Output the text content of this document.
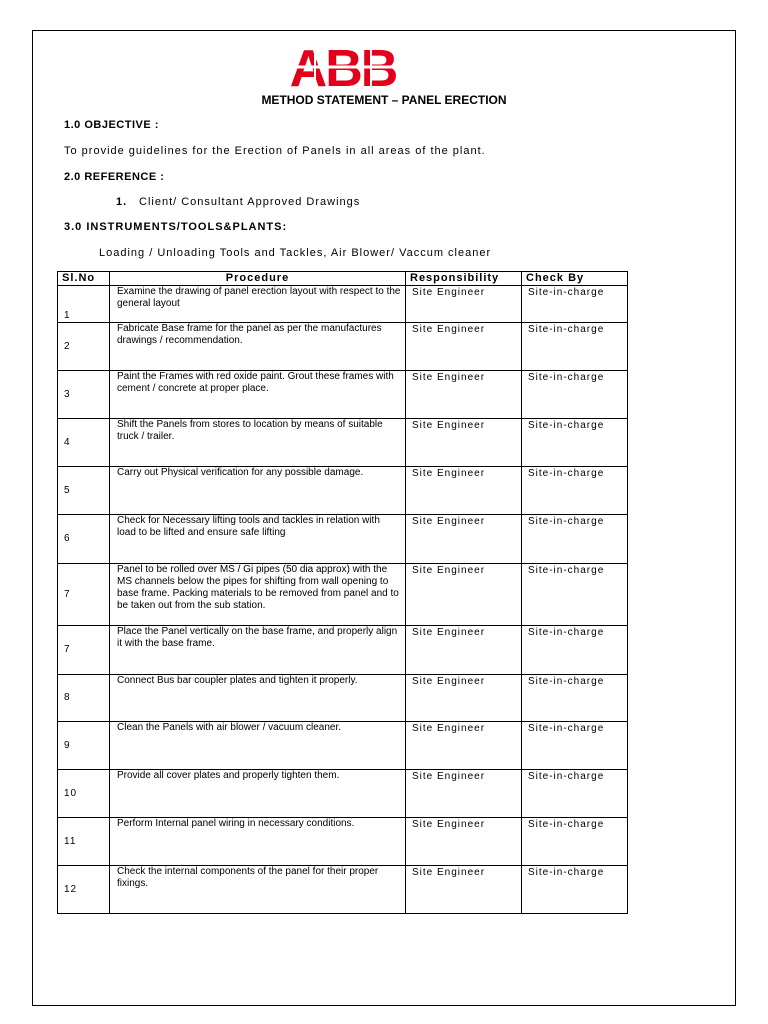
ABB
METHOD STATEMENT – PANEL ERECTION
1.0 OBJECTIVE :
To provide guidelines for the Erection of Panels in all areas of the plant.
2.0 REFERENCE :
1. Client/ Consultant Approved Drawings
3.0 INSTRUMENTS/TOOLS&PLANTS:
Loading / Unloading Tools and Tackles, Air Blower/ Vaccum cleaner
Sl.No	Procedure	Responsibility	Check By
1	Examine the drawing of panel erection layout with respect to the general layout	Site Engineer	Site-in-charge
2	Fabricate Base frame for the panel as per the manufactures drawings / recommendation.	Site Engineer	Site-in-charge
3	Paint the Frames with red oxide paint. Grout these frames with cement / concrete at proper place.	Site Engineer	Site-in-charge
4	Shift the Panels from stores to location by means of suitable truck / trailer.	Site Engineer	Site-in-charge
5	Carry out Physical verification for any possible damage.	Site Engineer	Site-in-charge
6	Check for Necessary lifting tools and tackles in relation with load to be lifted and ensure safe lifting	Site Engineer	Site-in-charge
7	Panel to be rolled over MS / Gi pipes (50 dia approx) with the MS channels below the pipes for shifting from wall opening to base frame. Packing materials to be removed from panel and to be taken out from the sub station.	Site Engineer	Site-in-charge
7	Place the Panel vertically on the base frame, and properly align it with the base frame.	Site Engineer	Site-in-charge
8	Connect Bus bar coupler plates and tighten it properly.	Site Engineer	Site-in-charge
9	Clean the Panels with air blower / vacuum cleaner.	Site Engineer	Site-in-charge
10	Provide all cover plates and properly tighten them.	Site Engineer	Site-in-charge
11	Perform Internal panel wiring in necessary conditions.	Site Engineer	Site-in-charge
12	Check the internal components of the panel for their proper fixings.	Site Engineer	Site-in-charge
